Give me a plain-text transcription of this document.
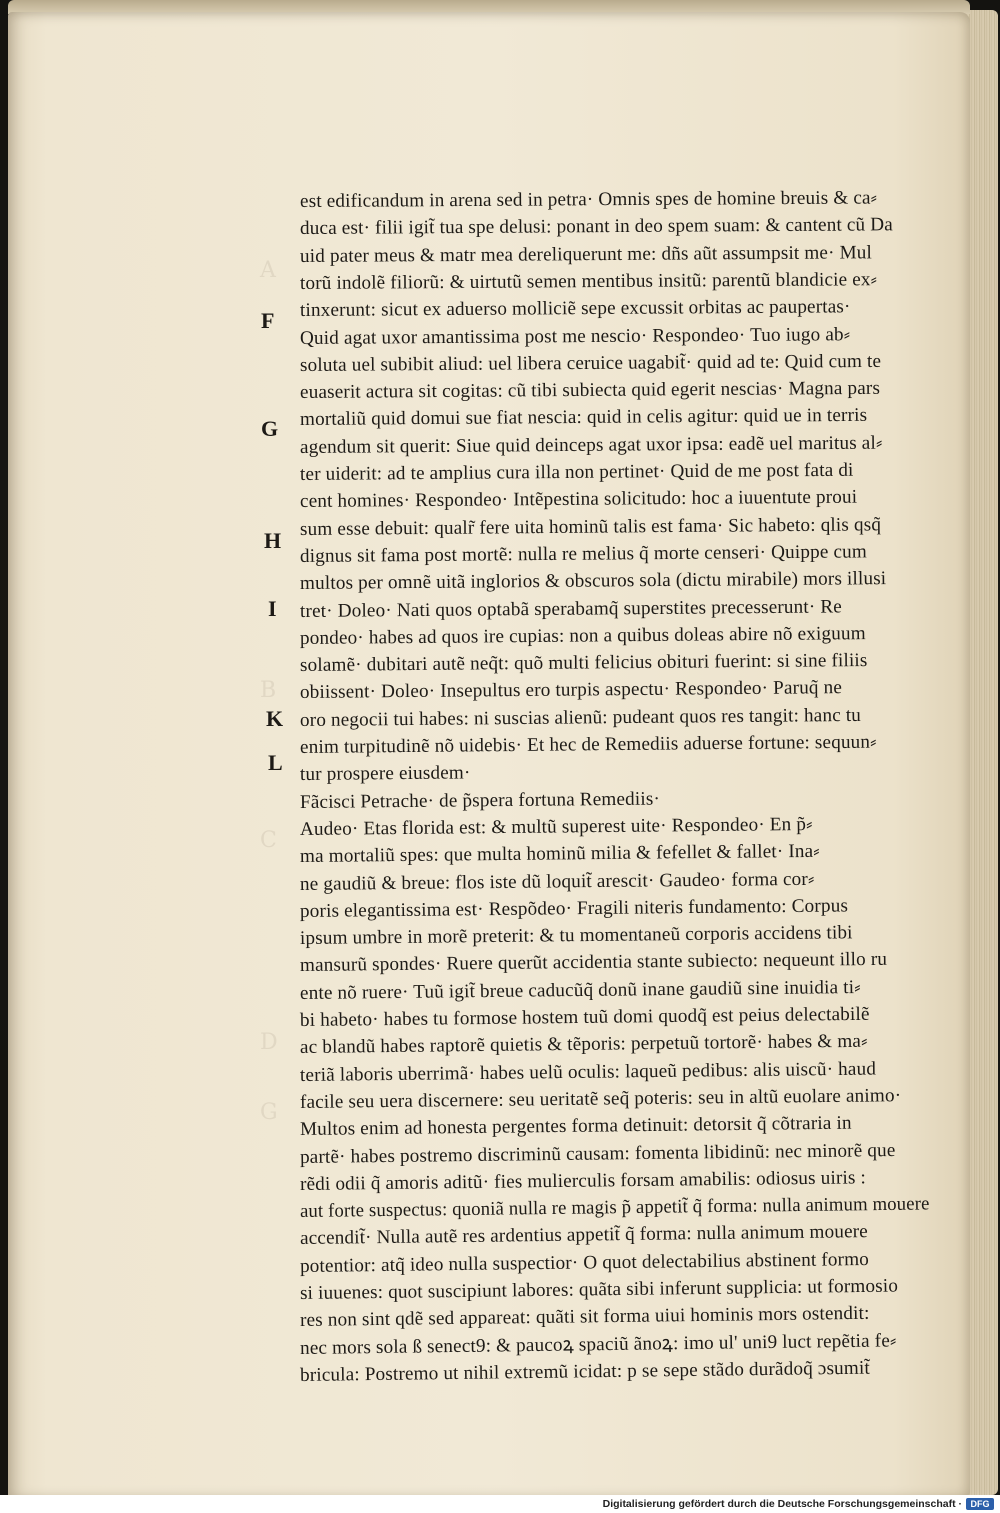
A
B
C
D
G
F
G
H
I
K
L
est edificandum in arena sed in petra· Omnis spes de homine breuis & ca⸗
duca est· filii igit̃ tua spe delusi: ponant in deo spem suam: & cantent cũ Da
uid pater meus & matr mea dereliquerunt me: dñs aũt assumpsit me· Mul
torũ indolẽ filiorũ: & uirtutũ semen mentibus insitũ: parentũ blandicie ex⸗
tinxerunt: sicut ex aduerso molliciẽ sepe excussit orbitas ac paupertas·
Quid agat uxor amantissima post me nescio· Respondeo· Tuo iugo ab⸗
soluta uel subibit aliud: uel libera ceruice uagabit̃· quid ad te: Quid cum te
euaserit actura sit cogitas: cũ tibi subiecta quid egerit nescias· Magna pars
mortaliũ quid domui sue fiat nescia: quid in celis agitur: quid ue in terris
agendum sit querit: Siue quid deinceps agat uxor ipsa: eadẽ uel maritus al⸗
ter uiderit: ad te amplius cura illa non pertinet· Quid de me post fata di
cent homines· Respondeo· Intẽpestina solicitudo: hoc a iuuentute proui
sum esse debuit: qualr̃ fere uita hominũ talis est fama· Sic habeto: qlis qsq̃
dignus sit fama post mortẽ: nulla re melius q̃ morte censeri· Quippe cum
multos per omnẽ uitã inglorios & obscuros sola (dictu mirabile) mors illusi
tret· Doleo· Nati quos optabã sperabamq̃ superstites precesserunt· Re
pondeo· habes ad quos ire cupias: non a quibus doleas abire nõ exiguum
solamẽ· dubitari autẽ neq̃t: quõ multi felicius obituri fuerint: si sine filiis
obiissent· Doleo· Insepultus ero turpis aspectu· Respondeo· Paruq̃ ne
oro negocii tui habes: ni suscias alienũ: pudeant quos res tangit: hanc tu
enim turpitudinẽ nõ uidebis· Et hec de Remediis aduerse fortune: sequun⸗
tur prospere eiusdem·
Fãcisci Petrache· de p̃spera fortuna Remediis·
Audeo· Etas florida est: & multũ superest uite· Respondeo· En p̃⸗
ma mortaliũ spes: que multa hominũ milia & fefellet & fallet· Ina⸗
ne gaudiũ & breue: flos iste dũ loquit̃ arescit· Gaudeo· forma cor⸗
poris elegantissima est· Respõdeo· Fragili niteris fundamento: Corpus
ipsum umbre in morẽ preterit: & tu momentaneũ corporis accidens tibi
mansurũ spondes· Ruere querũt accidentia stante subiecto: nequeunt illo ru
ente nõ ruere· Tuũ igit̃ breue caducũq̃ donũ inane gaudiũ sine inuidia ti⸗
bi habeto· habes tu formose hostem tuũ domi quodq̃ est peius delectabilẽ
ac blandũ habes raptorẽ quietis & tẽporis: perpetuũ tortorẽ· habes & ma⸗
teriã laboris uberrimã· habes uelũ oculis: laqueũ pedibus: alis uiscũ· haud
facile seu uera discernere: seu ueritatẽ seq̃ poteris: seu in altũ euolare animo·
Multos enim ad honesta pergentes forma detinuit: detorsit q̃ cõtraria in
partẽ· habes postremo discriminũ causam: fomenta libidinũ: nec minorẽ que
rẽdi odii q̃ amoris aditũ· fies mulierculis forsam amabilis: odiosus uiris :
aut forte suspectus: quoniã nulla re magis p̃ appetit̃ q̃ forma: nulla animum mouere
accendit̃· Nulla autẽ res ardentius appetit̃ q̃ forma: nulla animum mouere
potentior: atq̃ ideo nulla suspectior· O quot delectabilius abstinent formo
si iuuenes: quot suscipiunt labores: quãta sibi inferunt supplicia: ut formosio
res non sint qdẽ sed appareat: quãti sit forma uiui hominis mors ostendit:
nec mors sola ß senect9: & paucoꝝ spaciũ ãnoꝝ: imo ul' uni9 luct repẽtia fe⸗
bricula: Postremo ut nihil extremũ icidat: p se sepe stãdo durãdoq̃ ɔsumit̃
Digitalisierung gefördert durch die Deutsche Forschungsgemeinschaft · DFG
